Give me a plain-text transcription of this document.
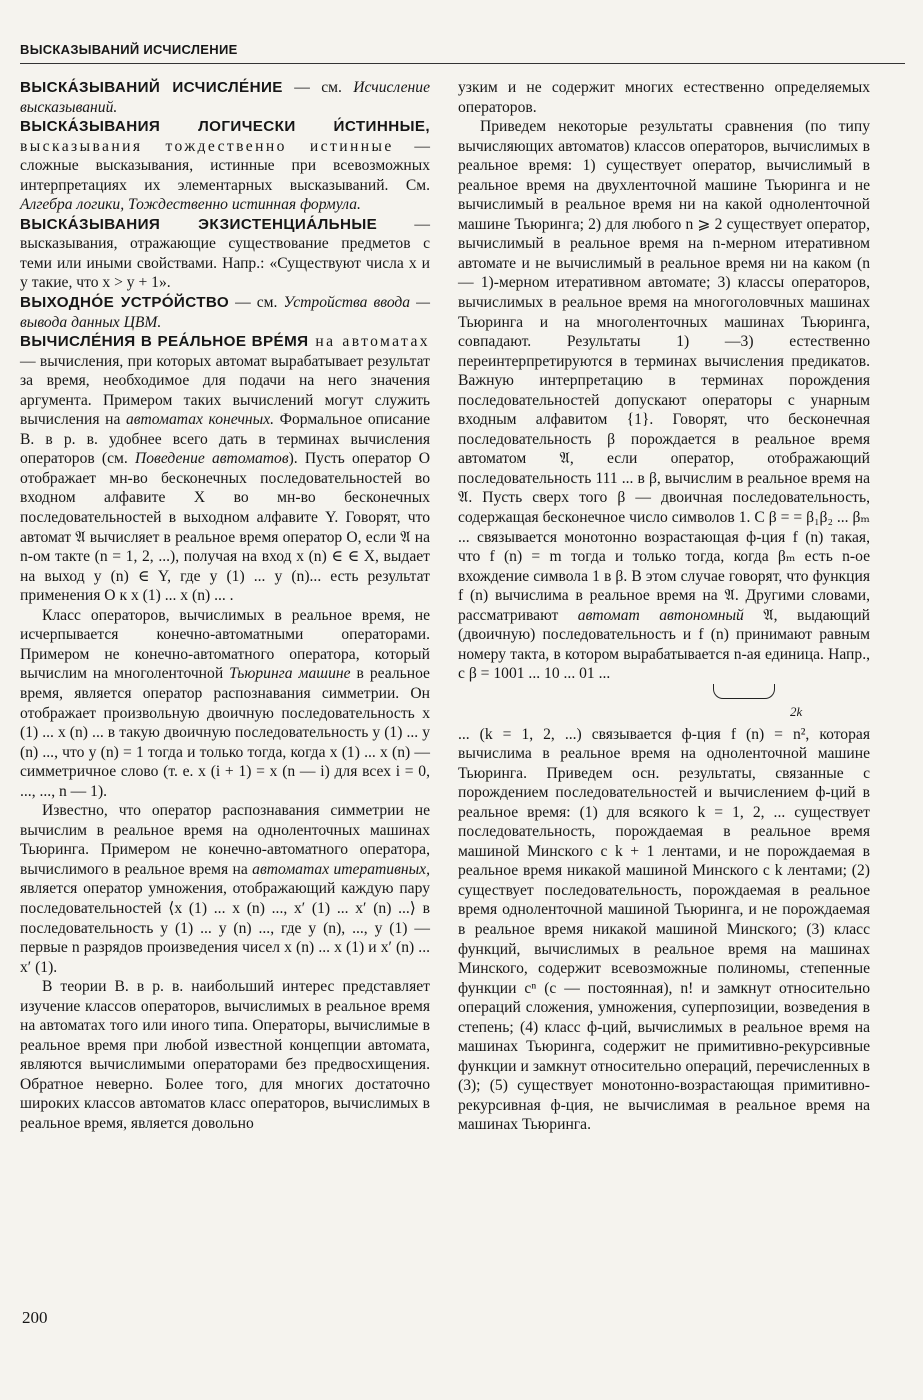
ВЫСКАЗЫВАНИЙ ИСЧИСЛЕНИЕ

ВЫСКА́ЗЫВАНИЙ ИСЧИСЛЕ́НИЕ — см. Исчисление высказываний.

ВЫСКА́ЗЫВАНИЯ ЛОГИЧЕСКИ И́СТИННЫЕ, высказывания тождественно истинные — сложные высказывания, истинные при всевозможных интерпретациях их элементарных высказываний. См. Алгебра логики, Тождественно истинная формула.

ВЫСКА́ЗЫВАНИЯ ЭКЗИСТЕНЦИА́ЛЬНЫЕ — высказывания, отражающие существование предметов с теми или иными свойствами. Напр.: «Существуют числа x и y такие, что x > y + 1».

ВЫХОДНО́Е УСТРО́ЙСТВО — см. Устройства ввода — вывода данных ЦВМ.

ВЫЧИСЛЕ́НИЯ В РЕА́ЛЬНОЕ ВРЕ́МЯ на автоматах — вычисления, при которых автомат вырабатывает результат за время, необходимое для подачи на него значения аргумента. Примером таких вычислений могут служить вычисления на автоматах конечных. Формальное описание В. в р. в. удобнее всего дать в терминах вычисления операторов (см. Поведение автоматов). Пусть оператор O отображает мн-во бесконечных последовательностей во входном алфавите X во мн-во бесконечных последовательностей в выходном алфавите Y. Говорят, что автомат 𝔄 вычисляет в реальное время оператор O, если 𝔄 на n-ом такте (n = 1, 2, ...), получая на вход x (n) ∈ ∈ X, выдает на выход y (n) ∈ Y, где y (1) ... y (n)... есть результат применения O к x (1) ... x (n) ... .

Класс операторов, вычислимых в реальное время, не исчерпывается конечно-автоматными операторами. Примером не конечно-автоматного оператора, который вычислим на многоленточной Тьюринга машине в реальное время, является оператор распознавания симметрии. Он отображает произвольную двоичную последовательность x (1) ... x (n) ... в такую двоичную последовательность y (1) ... y (n) ..., что y (n) = 1 тогда и только тогда, когда x (1) ... x (n) — симметричное слово (т. е. x (i + 1) = x (n — i) для всех i = 0, ..., ..., n — 1).

Известно, что оператор распознавания симметрии не вычислим в реальное время на одноленточных машинах Тьюринга. Примером не конечно-автоматного оператора, вычислимого в реальное время на автоматах итеративных, является оператор умножения, отображающий каждую пару последовательностей ⟨x (1) ... x (n) ..., x′ (1) ... x′ (n) ...⟩ в последовательность y (1) ... y (n) ..., где y (n), ..., y (1) — первые n разрядов произведения чисел x (n) ... x (1) и x′ (n) ... x′ (1).

В теории В. в р. в. наибольший интерес представляет изучение классов операторов, вычислимых в реальное время на автоматах того или иного типа. Операторы, вычислимые в реальное время при любой известной концепции автомата, являются вычислимыми операторами без предвосхищения. Обратное неверно. Более того, для многих достаточно широких классов автоматов класс операторов, вычислимых в реальное время, является довольно

узким и не содержит многих естественно определяемых операторов.

Приведем некоторые результаты сравнения (по типу вычисляющих автоматов) классов операторов, вычислимых в реальное время: 1) существует оператор, вычислимый в реальное время на двухленточной машине Тьюринга и не вычислимый в реальное время ни на какой одноленточной машине Тьюринга; 2) для любого n ⩾ 2 существует оператор, вычислимый в реальное время на n-мерном итеративном автомате и не вычислимый в реальное время ни на каком (n — 1)-мерном итеративном автомате; 3) классы операторов, вычислимых в реальное время на многоголовчных машинах Тьюринга и на многоленточных машинах Тьюринга, совпадают. Результаты 1) —3) естественно переинтерпретируются в терминах вычисления предикатов. Важную интерпретацию в терминах порождения последовательностей допускают операторы с унарным входным алфавитом {1}. Говорят, что бесконечная последовательность β порождается в реальное время автоматом 𝔄, если оператор, отображающий последовательность 111 ... в β, вычислим в реальное время на 𝔄. Пусть сверх того β — двоичная последовательность, содержащая бесконечное число символов 1. С β = = β₁β₂ ... βₘ ... связывается монотонно возрастающая ф-ция f (n) такая, что f (n) = m тогда и только тогда, когда βₘ есть n-ое вхождение символа 1 в β. В этом случае говорят, что функция f (n) вычислима в реальное время на 𝔄. Другими словами, рассматривают автомат автономный 𝔄, выдающий (двоичную) последовательность и f (n) принимают равным номеру такта, в котором вырабатывается n-ая единица. Напр., с β = 1001 ... 10 ... 01 ...

2k

... (k = 1, 2, ...) связывается ф-ция f (n) = n², которая вычислима в реальное время на одноленточной машине Тьюринга. Приведем осн. результаты, связанные с порождением последовательностей и вычислением ф-ций в реальное время: (1) для всякого k = 1, 2, ... существует последовательность, порождаемая в реальное время машиной Минского с k + 1 лентами, и не порождаемая в реальное время никакой машиной Минского с k лентами; (2) существует последовательность, порождаемая в реальное время одноленточной машиной Тьюринга, и не порождаемая в реальное время никакой машиной Минского; (3) класс функций, вычислимых в реальное время на машинах Минского, содержит всевозможные полиномы, степенные функции cⁿ (c — постоянная), n! и замкнут относительно операций сложения, умножения, суперпозиции, возведения в степень; (4) класс ф-ций, вычислимых в реальное время на машинах Тьюринга, содержит не примитивно-рекурсивные функции и замкнут относительно операций, перечисленных в (3); (5) существует монотонно-возрастающая примитивно-рекурсивная ф-ция, не вычислимая в реальное время на машинах Тьюринга.

200
